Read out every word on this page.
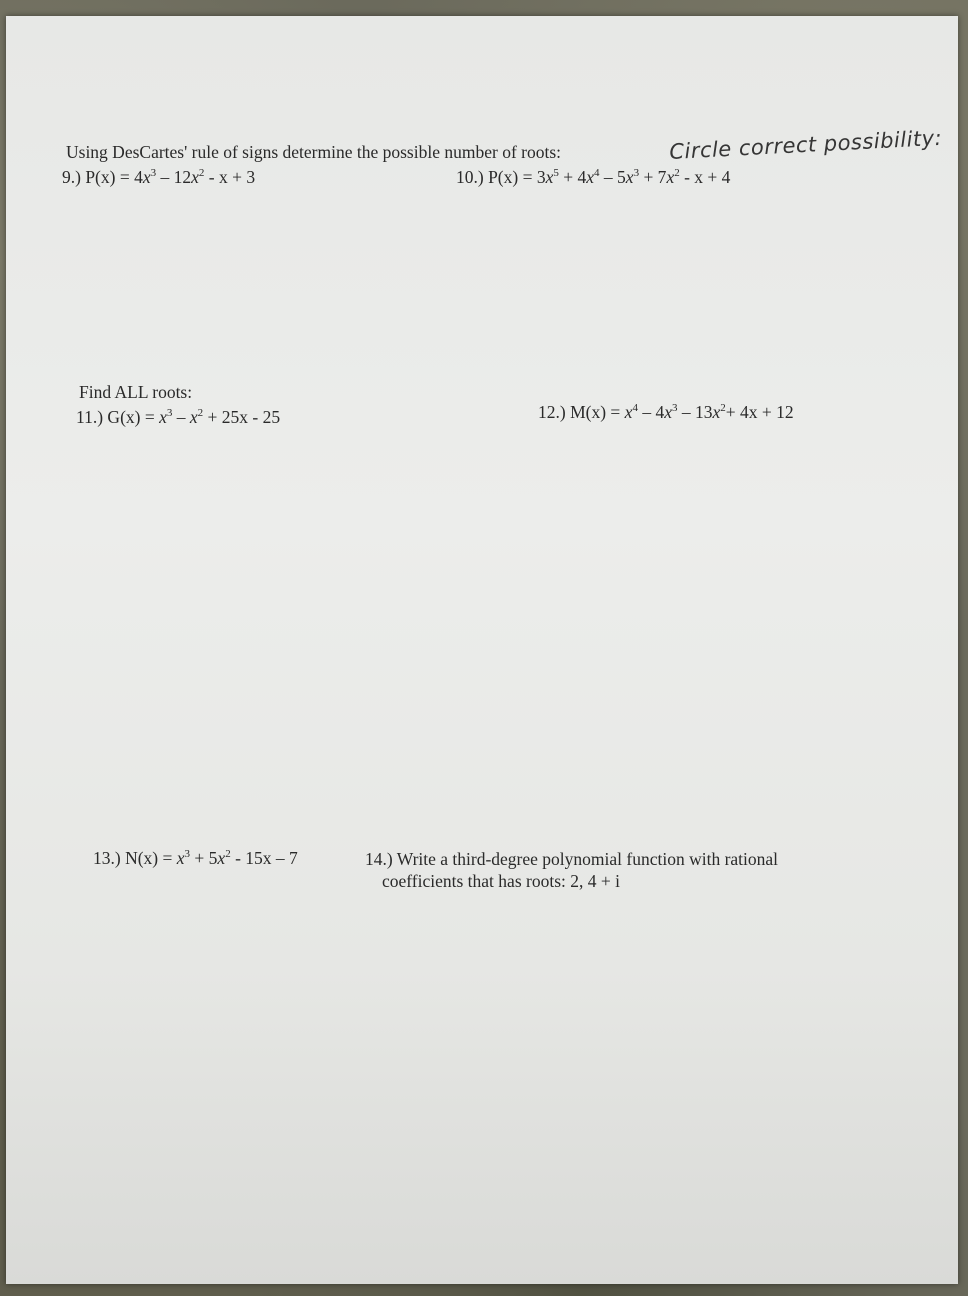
Using DesCartes' rule of signs determine the possible number of roots:	Circle correct possibility:
9.) $P(x) = 4x^3 - 12x^2 - x + 3$	10.) $P(x) = 3x^5 + 4x^4 - 5x^3 + 7x^2 - x + 4$
Find ALL roots:
11.) $G(x) = x^3 - x^2 + 25x - 25$	12.) $M(x) = x^4 - 4x^3 - 13x^2+ 4x + 12$
13.) $N(x) = x^3 + 5x^2 - 15x - 7$	14.) Write a third-degree polynomial function with rational
coefficients that has roots: 2, 4 + i
